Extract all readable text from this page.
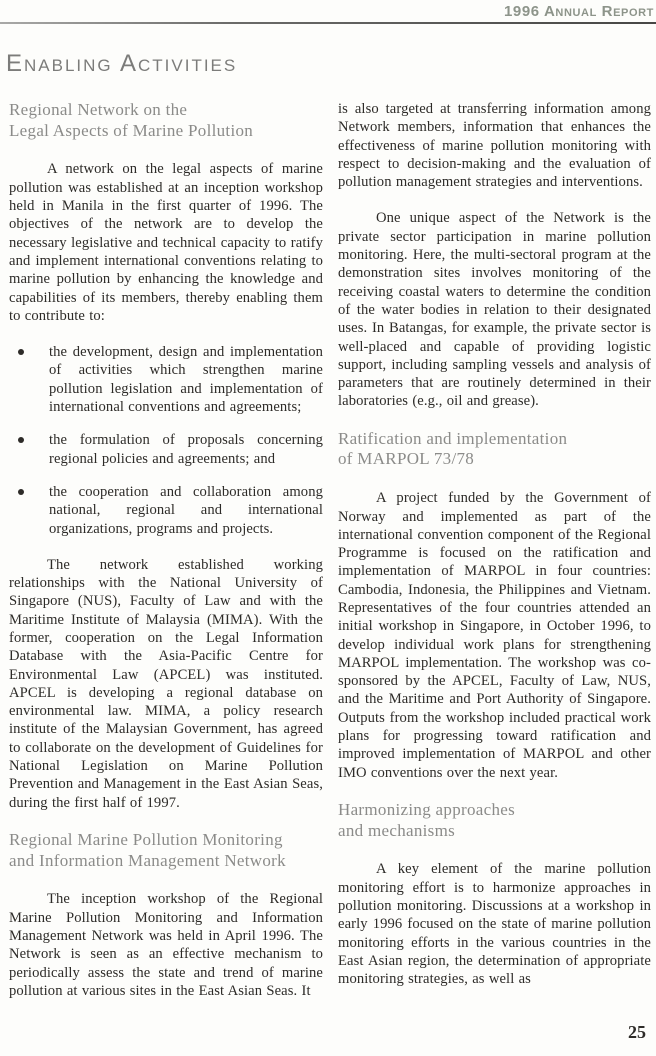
1996 Annual Report
Enabling Activities
Regional Network on the
Legal Aspects of Marine Pollution

A network on the legal aspects of marine pollution was established at an inception workshop held in Manila in the first quarter of 1996. The objectives of the network are to develop the necessary legislative and technical capacity to ratify and implement international conventions relating to marine pollution by enhancing the knowledge and capabilities of its members, thereby enabling them to contribute to:

the development, design and implementation of activities which strengthen marine pollution legislation and implementation of international conventions and agreements;
the formulation of proposals concerning regional policies and agreements; and
the cooperation and collaboration among national, regional and international organizations, programs and projects.

The network established working relationships with the National University of Singapore (NUS), Faculty of Law and with the Maritime Institute of Malaysia (MIMA). With the former, cooperation on the Legal Information Database with the Asia-Pacific Centre for Environmental Law (APCEL) was instituted. APCEL is developing a regional database on environmental law. MIMA, a policy research institute of the Malaysian Government, has agreed to collaborate on the development of Guidelines for National Legislation on Marine Pollution Prevention and Management in the East Asian Seas, during the first half of 1997.

Regional Marine Pollution Monitoring
and Information Management Network

The inception workshop of the Regional Marine Pollution Monitoring and Information Management Network was held in April 1996. The Network is seen as an effective mechanism to periodically assess the state and trend of marine pollution at various sites in the East Asian Seas. It

is also targeted at transferring information among Network members, information that enhances the effectiveness of marine pollution monitoring with respect to decision-making and the evaluation of pollution management strategies and interventions.

One unique aspect of the Network is the private sector participation in marine pollution monitoring. Here, the multi-sectoral program at the demonstration sites involves monitoring of the receiving coastal waters to determine the condition of the water bodies in relation to their designated uses. In Batangas, for example, the private sector is well-placed and capable of providing logistic support, including sampling vessels and analysis of parameters that are routinely determined in their laboratories (e.g., oil and grease).

Ratification and implementation
of MARPOL 73/78

A project funded by the Government of Norway and implemented as part of the international convention component of the Regional Programme is focused on the ratification and implementation of MARPOL in four countries: Cambodia, Indonesia, the Philippines and Vietnam. Representatives of the four countries attended an initial workshop in Singapore, in October 1996, to develop individual work plans for strengthening MARPOL implementation. The workshop was co-sponsored by the APCEL, Faculty of Law, NUS, and the Maritime and Port Authority of Singapore. Outputs from the workshop included practical work plans for progressing toward ratification and improved implementation of MARPOL and other IMO conventions over the next year.

Harmonizing approaches
and mechanisms

A key element of the marine pollution monitoring effort is to harmonize approaches in pollution monitoring. Discussions at a workshop in early 1996 focused on the state of marine pollution monitoring efforts in the various countries in the East Asian region, the determination of appropriate monitoring strategies, as well as

25
